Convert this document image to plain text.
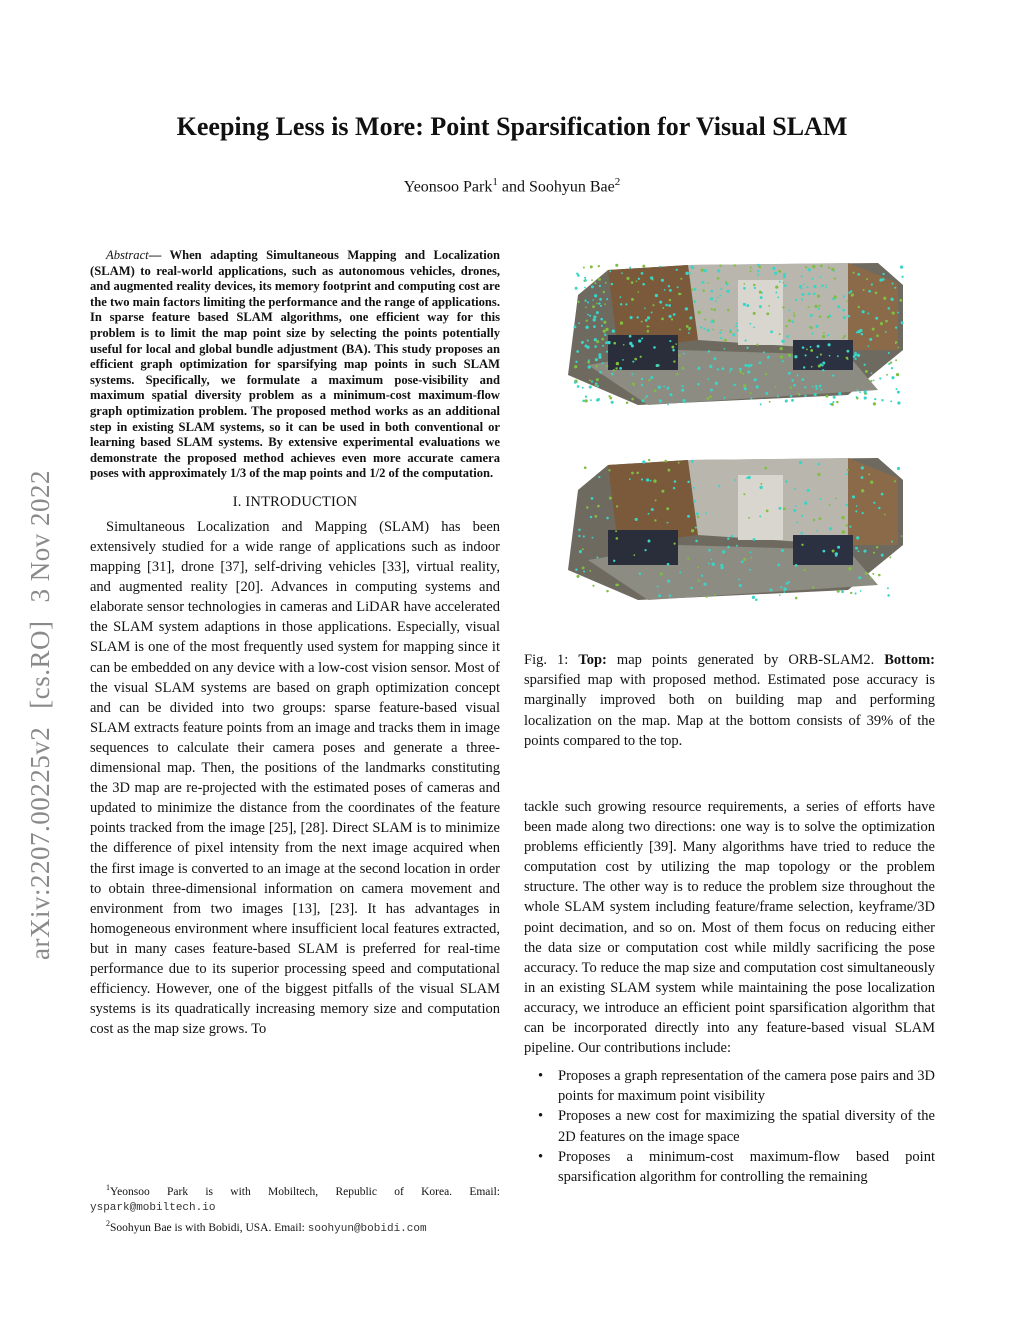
arXiv:2207.00225v2
[cs.RO]
3 Nov 2022
Keeping Less is More: Point Sparsification for Visual SLAM
Yeonsoo Park$^1$ and Soohyun Bae$^2$

Abstract— When adapting Simultaneous Mapping and Localization (SLAM) to real-world applications, such as autonomous vehicles, drones, and augmented reality devices, its memory footprint and computing cost are the two main factors limiting the performance and the range of applications. In sparse feature based SLAM algorithms, one efficient way for this problem is to limit the map point size by selecting the points potentially useful for local and global bundle adjustment (BA). This study proposes an efficient graph optimization for sparsifying map points in such SLAM systems. Specifically, we formulate a maximum pose-visibility and maximum spatial diversity problem as a minimum-cost maximum-flow graph optimization problem. The proposed method works as an additional step in existing SLAM systems, so it can be used in both conventional or learning based SLAM systems. By extensive experimental evaluations we demonstrate the proposed method achieves even more accurate camera poses with approximately 1/3 of the map points and 1/2 of the computation.

I. INTRODUCTION

Simultaneous Localization and Mapping (SLAM) has been extensively studied for a wide range of applications such as indoor mapping [31], drone [37], self-driving vehicles [33], virtual reality, and augmented reality [20]. Advances in computing systems and elaborate sensor technologies in cameras and LiDAR have accelerated the SLAM system adaptions in those applications. Especially, visual SLAM is one of the most frequently used system for mapping since it can be embedded on any device with a low-cost vision sensor. Most of the visual SLAM systems are based on graph optimization concept and can be divided into two groups: sparse feature-based visual SLAM extracts feature points from an image and tracks them in image sequences to calculate their camera poses and generate a three-dimensional map. Then, the positions of the landmarks constituting the 3D map are re-projected with the estimated poses of cameras and updated to minimize the distance from the coordinates of the feature points tracked from the image [25], [28]. Direct SLAM is to minimize the difference of pixel intensity from the next image acquired when the first image is converted to an image at the second location in order to obtain three-dimensional information on camera movement and environment from two images [13], [23]. It has advantages in homogeneous environment where insufficient local features extracted, but in many cases feature-based SLAM is preferred for real-time performance due to its superior processing speed and computational efficiency. However, one of the biggest pitfalls of the visual SLAM systems is its quadratically increasing memory size and computation cost as the map size grows. To

$^1$Yeonsoo Park is with Mobiltech, Republic of Korea. Email: yspark@mobiltech.io

$^2$Soohyun Bae is with Bobidi, USA. Email: soohyun@bobidi.com

Fig. 1: Top: map points generated by ORB-SLAM2. Bottom: sparsified map with proposed method. Estimated pose accuracy is marginally improved both on building map and performing localization on the map. Map at the bottom consists of 39% of the points compared to the top.

tackle such growing resource requirements, a series of efforts have been made along two directions: one way is to solve the optimization problems efficiently [39]. Many algorithms have tried to reduce the computation cost by utilizing the map topology or the problem structure. The other way is to reduce the problem size throughout the whole SLAM system including feature/frame selection, keyframe/3D point decimation, and so on. Most of them focus on reducing either the data size or computation cost while mildly sacrificing the pose accuracy. To reduce the map size and computation cost simultaneously in an existing SLAM system while maintaining the pose localization accuracy, we introduce an efficient point sparsification algorithm that can be incorporated directly into any feature-based visual SLAM pipeline. Our contributions include:

• Proposes a graph representation of the camera pose pairs and 3D points for maximum point visibility
• Proposes a new cost for maximizing the spatial diversity of the 2D features on the image space
• Proposes a minimum-cost maximum-flow based point sparsification algorithm for controlling the remaining
